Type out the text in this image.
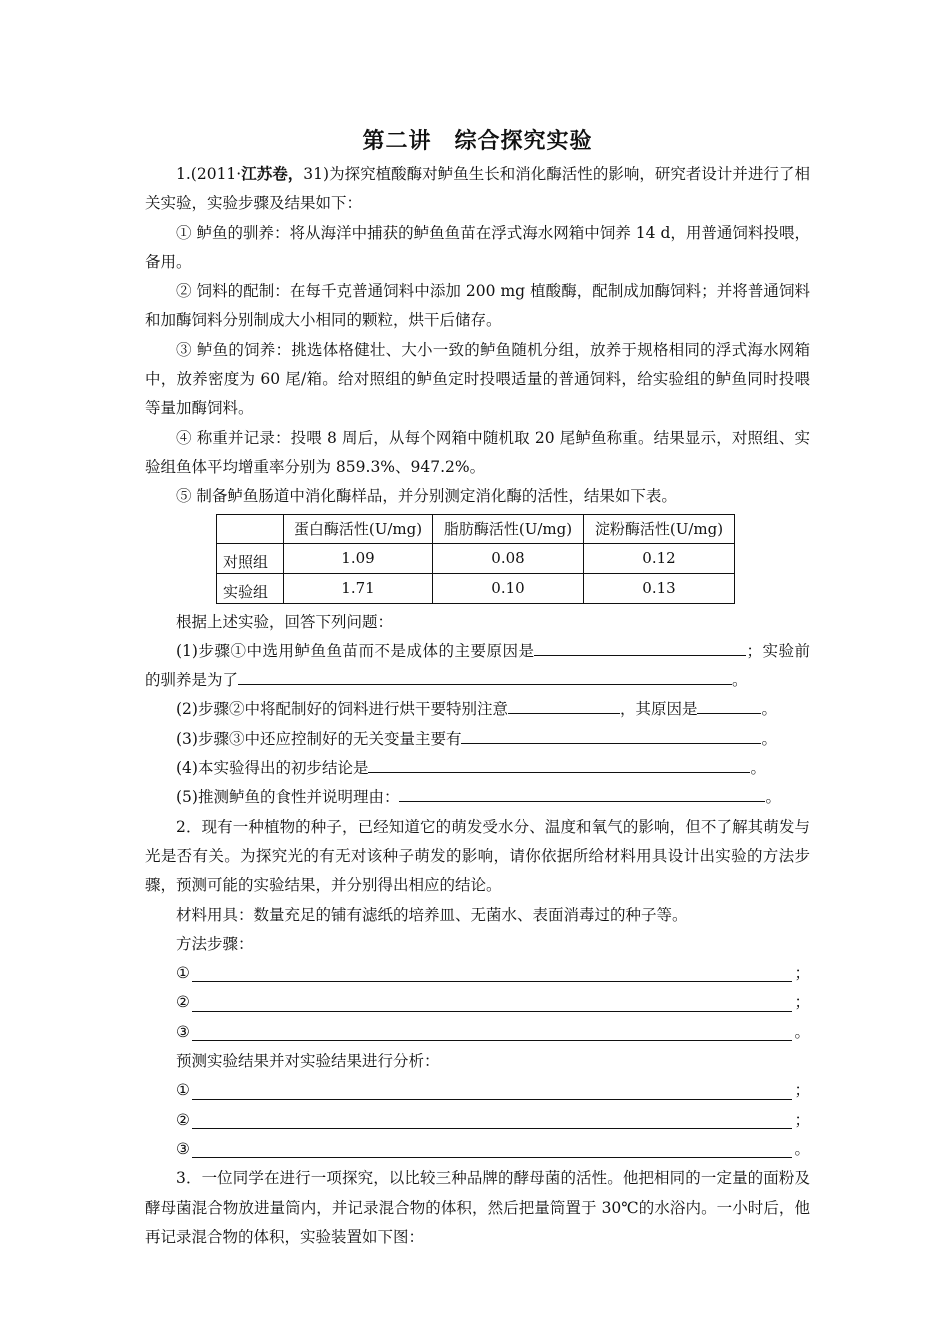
第二讲　综合探究实验

1.(2011·江苏卷，31)为探究植酸酶对鲈鱼生长和消化酶活性的影响，研究者设计并进行了相关实验，实验步骤及结果如下：

① 鲈鱼的驯养：将从海洋中捕获的鲈鱼鱼苗在浮式海水网箱中饲养 14 d，用普通饲料投喂，备用。

② 饲料的配制：在每千克普通饲料中添加 200 mg 植酸酶，配制成加酶饲料；并将普通饲料和加酶饲料分别制成大小相同的颗粒，烘干后储存。

③ 鲈鱼的饲养：挑选体格健壮、大小一致的鲈鱼随机分组，放养于规格相同的浮式海水网箱中，放养密度为 60 尾/箱。给对照组的鲈鱼定时投喂适量的普通饲料，给实验组的鲈鱼同时投喂等量加酶饲料。

④ 称重并记录：投喂 8 周后，从每个网箱中随机取 20 尾鲈鱼称重。结果显示，对照组、实验组鱼体平均增重率分别为 859.3%、947.2%。

⑤ 制备鲈鱼肠道中消化酶样品，并分别测定消化酶的活性，结果如下表。

	蛋白酶活性(U/mg)	脂肪酶活性(U/mg)	淀粉酶活性(U/mg)
对照组	1.09	0.08	0.12
实验组	1.71	0.10	0.13

根据上述实验，回答下列问题：

(1)步骤①中选用鲈鱼鱼苗而不是成体的主要原因是	；实验前的驯养是为了	。

(2)步骤②中将配制好的饲料进行烘干要特别注意	，其原因是	。

(3)步骤③中还应控制好的无关变量主要有	。

(4)本实验得出的初步结论是	。

(5)推测鲈鱼的食性并说明理由：	。

2．现有一种植物的种子，已经知道它的萌发受水分、温度和氧气的影响，但不了解其萌发与光是否有关。为探究光的有无对该种子萌发的影响，请你依据所给材料用具设计出实验的方法步骤，预测可能的实验结果，并分别得出相应的结论。

材料用具：数量充足的铺有滤纸的培养皿、无菌水、表面消毒过的种子等。

方法步骤：

①	；

②	；

③	。

预测实验结果并对实验结果进行分析：

①	；

②	；

③	。

3．一位同学在进行一项探究，以比较三种品牌的酵母菌的活性。他把相同的一定量的面粉及酵母菌混合物放进量筒内，并记录混合物的体积，然后把量筒置于 30℃的水浴内。一小时后，他再记录混合物的体积，实验装置如下图：
